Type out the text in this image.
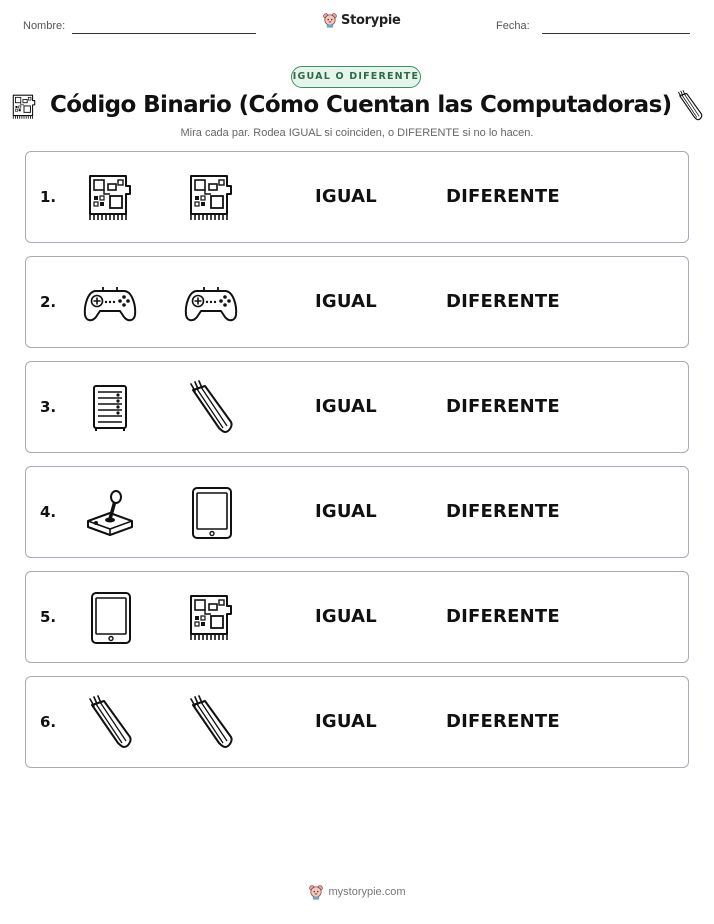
Nombre:	Storypie	Fecha:
IGUAL O DIFERENTE
Código Binario (Cómo Cuentan las Computadoras)
Mira cada par. Rodea IGUAL si coinciden, o DIFERENTE si no lo hacen.
1.	IGUAL	DIFERENTE
2.	IGUAL	DIFERENTE
3.	IGUAL	DIFERENTE
4.	IGUAL	DIFERENTE
5.	IGUAL	DIFERENTE
6.	IGUAL	DIFERENTE
mystorypie.com
